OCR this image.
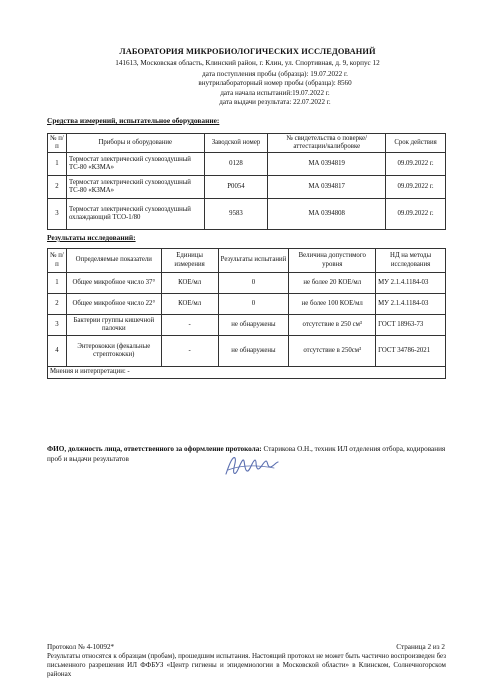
ЛАБОРАТОРИЯ МИКРОБИОЛОГИЧЕСКИХ ИССЛЕДОВАНИЙ
141613, Московская область, Клинский район, г. Клин, ул. Спортивная, д. 9, корпус 12
дата поступления пробы (образца): 19.07.2022 г.
внутрилабораторный номер пробы (образца): 8560
дата начала испытаний:19.07.2022 г.
дата выдачи результата: 22.07.2022 г.
Средства измерений, испытательное оборудование:
№ п/п	Приборы и оборудование	Заводской номер	№ свидетельства о поверке/аттестации/калибровке	Срок действия
1	Термостат электрический суховоздушный ТС-80 «КЗМА»	0128	МА 0394819	09.09.2022 г.
2	Термостат электрический суховоздушный ТС-80 «КЗМА»	Р0054	МА 0394817	09.09.2022 г.
3	Термостат электрический суховоздушный охлаждающий ТСО-1/80	9583	МА 0394808	09.09.2022 г.
Результаты исследований:
№ п/п	Определяемые показатели	Единицы измерения	Результаты испытаний	Величина допустимого уровня	НД на методы исследования
1	Общее микробное число 37°	КОЕ/мл	0	не более 20 КОЕ/мл	МУ 2.1.4.1184-03
2	Общее микробное число 22°	КОЕ/мл	0	не более 100 КОЕ/мл	МУ 2.1.4.1184-03
3	Бактерии группы кишечной палочки	-	не обнаружены	отсутствие в 250 см³	ГОСТ 18963-73
4	Энтерококки (фекальные стрептококки)	-	не обнаружены	отсутствие в 250см³	ГОСТ 34786-2021
Мнения и интерпретации: -					
ФИО, должность лица, ответственного за оформление протокола: Старикова О.Н., техник ИЛ отделения отбора, кодирования проб и выдачи результатов
Протокол № 4-10092*	Страница 2 из 2
Результаты относятся к образцам (пробам), прошедшим испытания. Настоящий протокол не может быть частично воспроизведен без письменного разрешения ИЛ ФФБУЗ «Центр гигиены и эпидемиологии в Московской области» в Клинском, Солнечногорском районах
